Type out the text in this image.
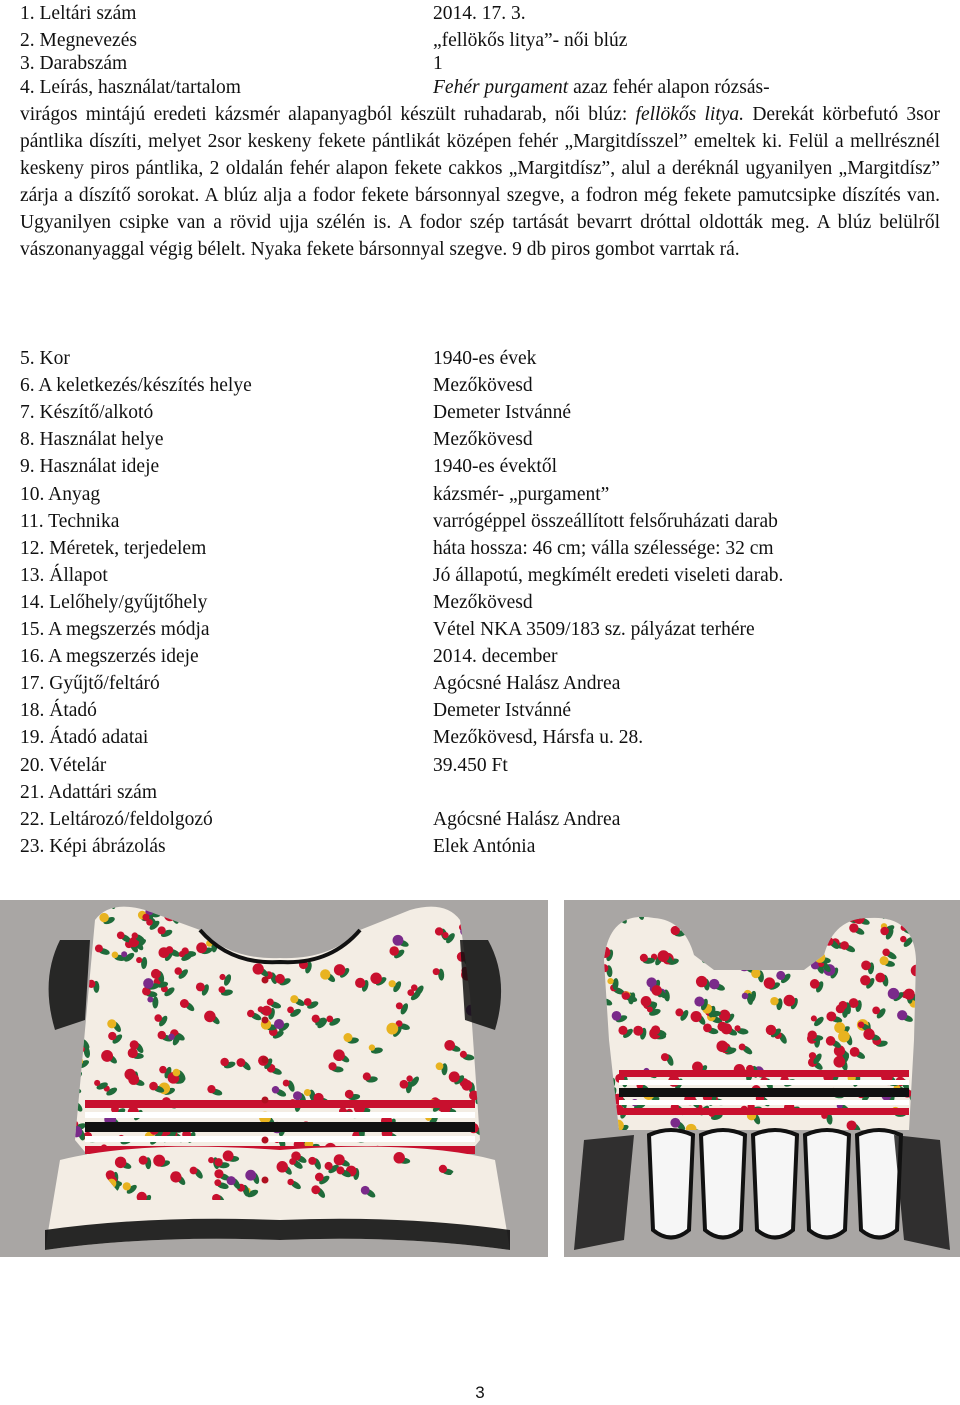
1. Leltári szám	2014. 17. 3.
2. Megnevezés	„fellökős litya”- női blúz
3. Darabszám	1
4. Leírás, használat/tartalom	Fehér purgament azaz fehér alapon rózsás-

virágos mintájú eredeti kázsmér alapanyagból készült ruhadarab, női blúz: fellökős litya. Derekát körbefutó 3sor pántlika díszíti, melyet 2sor keskeny fekete pántlikát középen fehér „Margitdísszel” emeltek ki. Felül a mellrésznél keskeny piros pántlika, 2 oldalán fehér alapon fekete cakkos „Margitdísz”, alul a deréknál ugyanilyen „Margitdísz” zárja a díszítő sorokat. A blúz alja a fodor fekete bársonnyal szegve, a fodron még fekete pamutcsipke díszítés van. Ugyanilyen csipke van a rövid ujja szélén is. A fodor szép tartását bevarrt dróttal oldották meg. A blúz belülről vászonanyaggal végig bélelt. Nyaka fekete bársonnyal szegve. 9 db piros gombot varrtak rá.

5. Kor	1940-es évek
6. A keletkezés/készítés helye	Mezőkövesd
7. Készítő/alkotó	Demeter Istvánné
8. Használat helye	Mezőkövesd
9. Használat ideje	1940-es évektől
10. Anyag	kázsmér- „purgament”
11. Technika	varrógéppel összeállított felsőruházati darab
12. Méretek, terjedelem	háta hossza: 46 cm; válla szélessége: 32 cm
13. Állapot	Jó állapotú, megkímélt eredeti viseleti darab.
14. Lelőhely/gyűjtőhely	Mezőkövesd
15. A megszerzés módja	Vétel NKA 3509/183 sz. pályázat terhére
16. A megszerzés ideje	2014. december
17. Gyűjtő/feltáró	Agócsné Halász Andrea
18. Átadó	Demeter Istvánné
19. Átadó adatai	Mezőkövesd, Hársfa u. 28.
20. Vételár	39.450 Ft
21. Adattári szám
22. Leltározó/feldolgozó	Agócsné Halász Andrea
23. Képi ábrázolás	Elek Antónia
3
